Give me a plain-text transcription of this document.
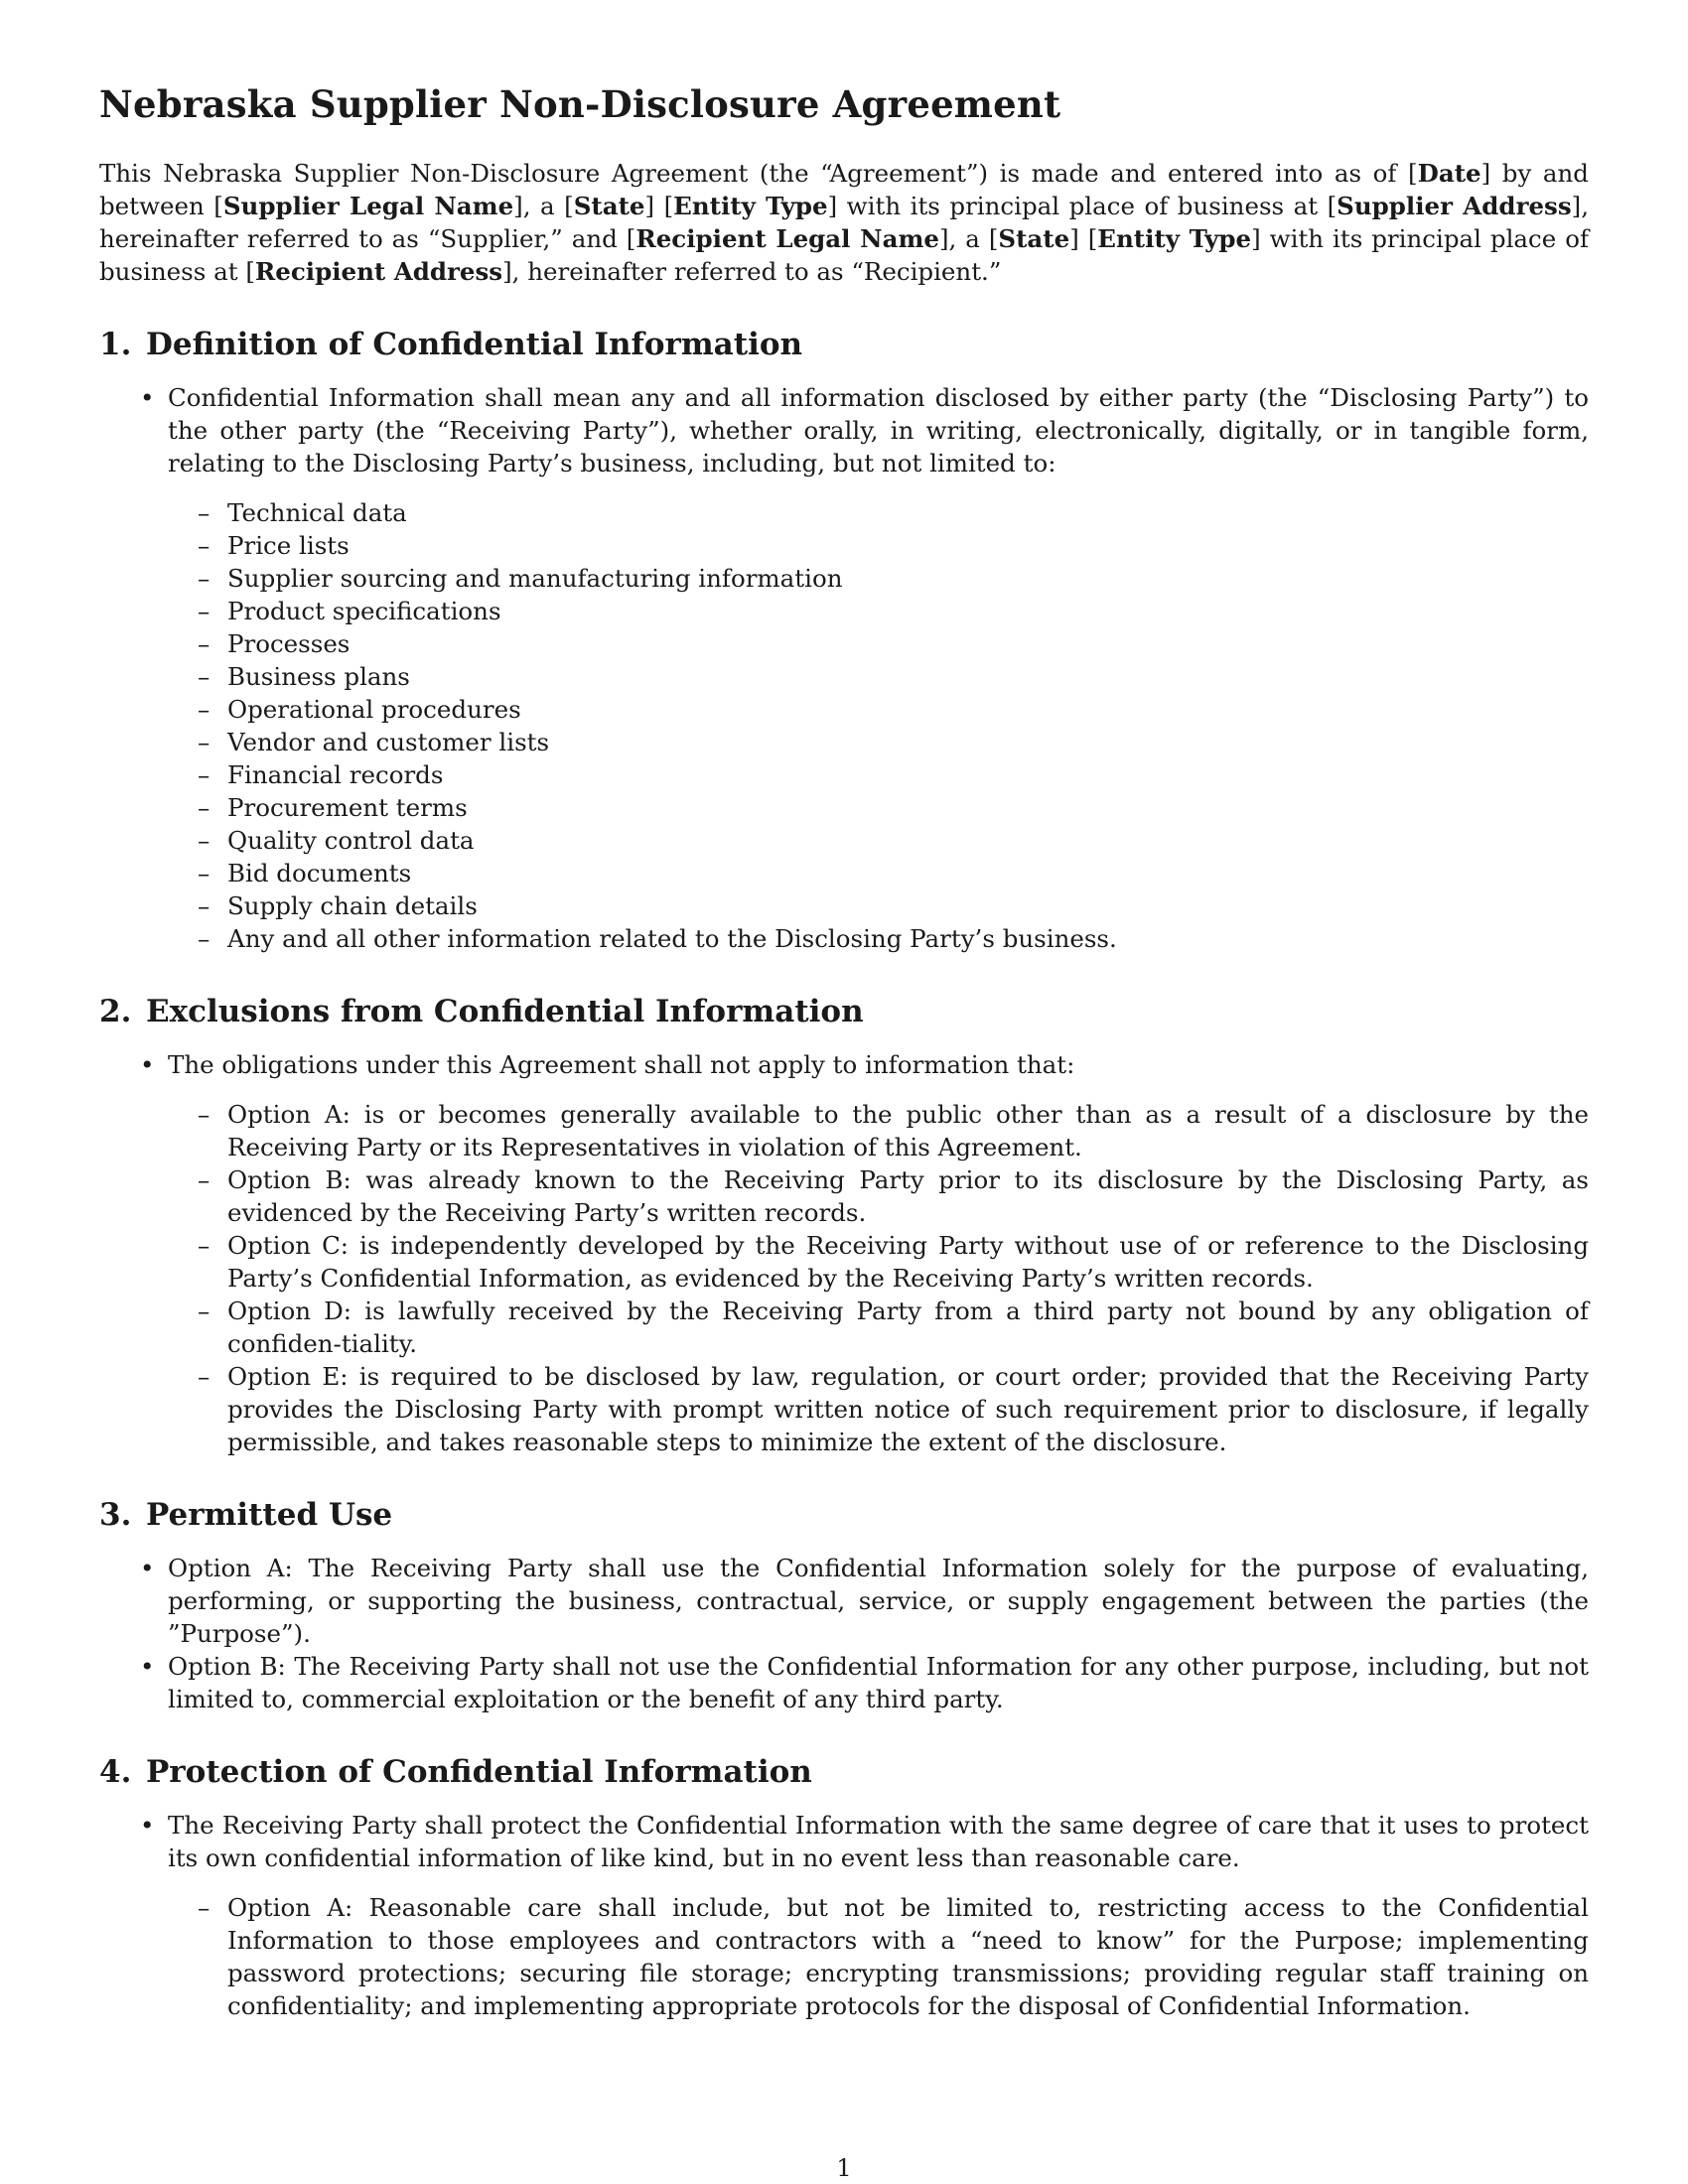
Nebraska Supplier Non-Disclosure Agreement

This Nebraska Supplier Non-Disclosure Agreement (the “Agreement”) is made and entered into as of [Date] by and between [Supplier Legal Name], a [State] [Entity Type] with its principal place of business at [Supplier Address], hereinafter referred to as “Supplier,” and [Recipient Legal Name], a [State] [Entity Type] with its principal place of business at [Recipient Address], hereinafter referred to as “Recipient.”

1. Definition of Confidential Information
• Confidential Information shall mean any and all information disclosed by either party (the “Disclosing Party”) to the other party (the “Receiving Party”), whether orally, in writing, electronically, digitally, or in tangible form, relating to the Disclosing Party’s business, including, but not limited to:
– Technical data
– Price lists
– Supplier sourcing and manufacturing information
– Product specifications
– Processes
– Business plans
– Operational procedures
– Vendor and customer lists
– Financial records
– Procurement terms
– Quality control data
– Bid documents
– Supply chain details
– Any and all other information related to the Disclosing Party’s business.
2. Exclusions from Confidential Information
• The obligations under this Agreement shall not apply to information that:
– Option A: is or becomes generally available to the public other than as a result of a disclosure by the Receiving Party or its Representatives in violation of this Agreement.
– Option B: was already known to the Receiving Party prior to its disclosure by the Disclosing Party, as evidenced by the Receiving Party’s written records.
– Option C: is independently developed by the Receiving Party without use of or reference to the Disclosing Party’s Confidential Information, as evidenced by the Receiving Party’s written records.
– Option D: is lawfully received by the Receiving Party from a third party not bound by any obligation of confiden-tiality.
– Option E: is required to be disclosed by law, regulation, or court order; provided that the Receiving Party provides the Disclosing Party with prompt written notice of such requirement prior to disclosure, if legally permissible, and takes reasonable steps to minimize the extent of the disclosure.
3. Permitted Use
• Option A: The Receiving Party shall use the Confidential Information solely for the purpose of evaluating, performing, or supporting the business, contractual, service, or supply engagement between the parties (the ”Purpose”).
• Option B: The Receiving Party shall not use the Confidential Information for any other purpose, including, but not limited to, commercial exploitation or the benefit of any third party.
4. Protection of Confidential Information
• The Receiving Party shall protect the Confidential Information with the same degree of care that it uses to protect its own confidential information of like kind, but in no event less than reasonable care.
– Option A: Reasonable care shall include, but not be limited to, restricting access to the Confidential Information to those employees and contractors with a “need to know” for the Purpose; implementing password protections; securing file storage; encrypting transmissions; providing regular staff training on confidentiality; and implementing appropriate protocols for the disposal of Confidential Information.
1
